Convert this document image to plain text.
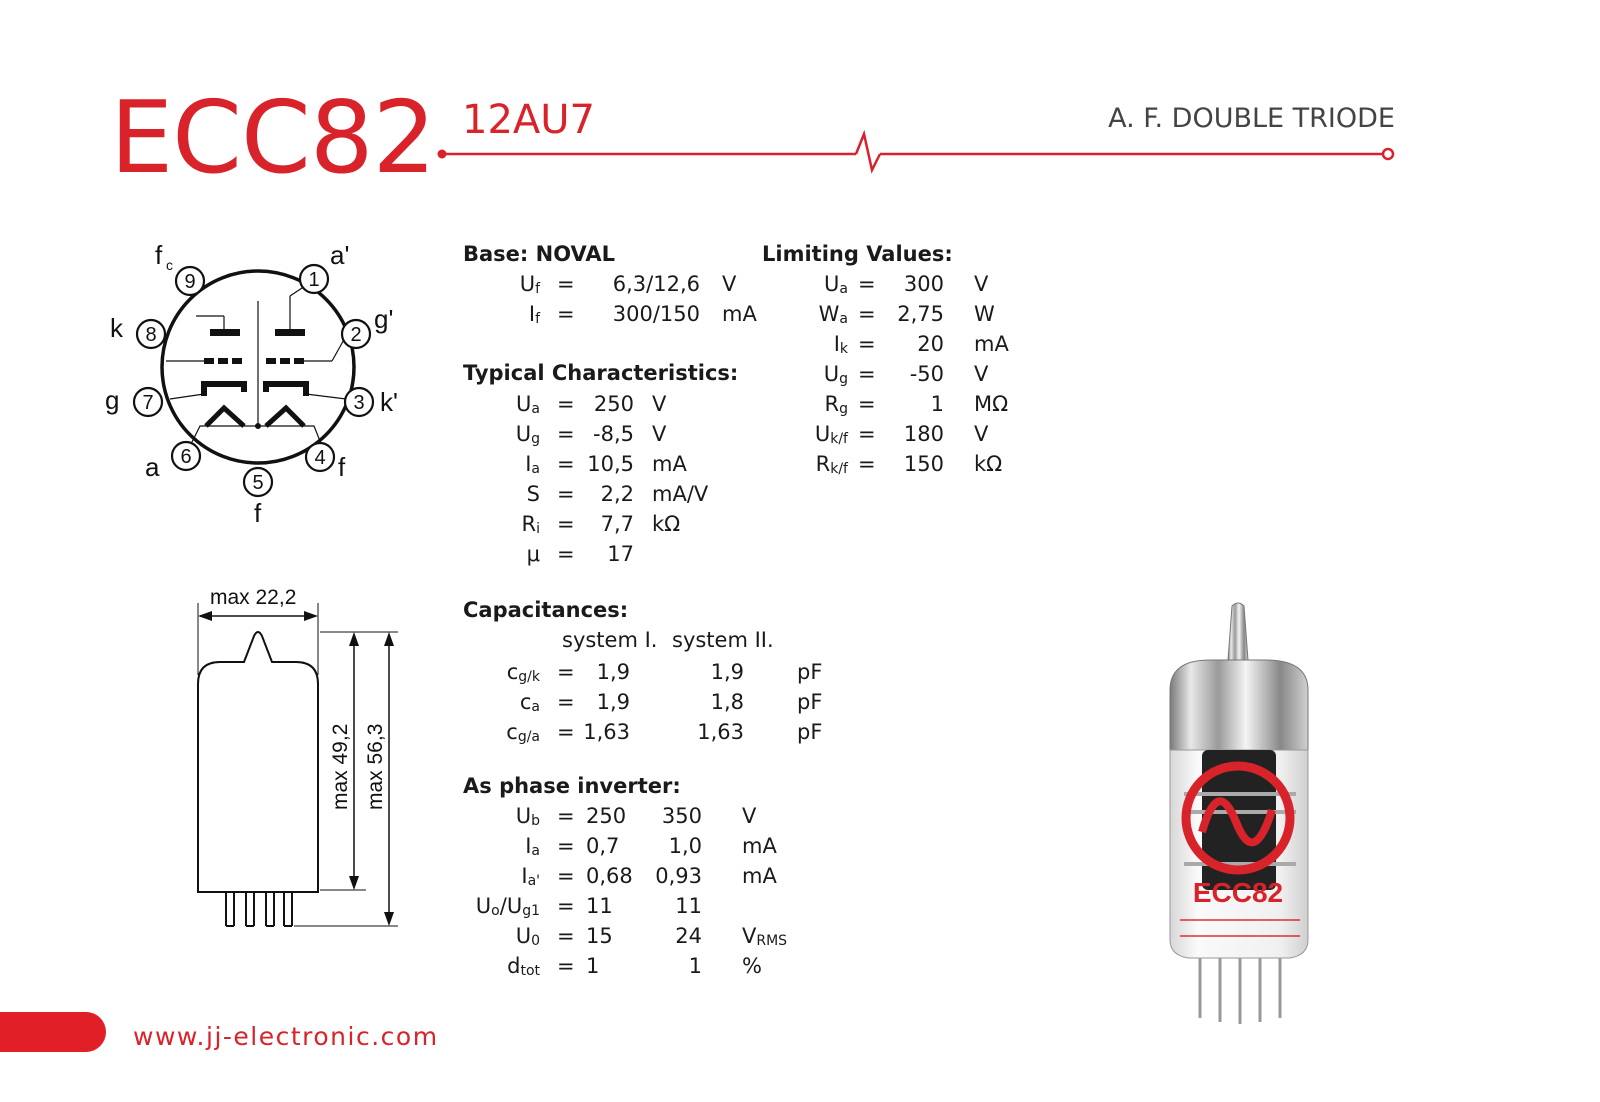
ECC82 12AU7	A. F. DOUBLE TRIODE
1
2
3
4
5
6
7
8
9
a'
g'
k'
f
f
a
g
k
f c
max 22,2
max 49,2 max 56,3
Base: NOVAL
$U_f = 6,3/12,6$ V
$I_f = 300/150$ mA
Typical Characteristics:
$U_a = 250$ V
$U_g = -8,5$ V
$I_a = 10,5$ mA
S = 2,2 mA/V
$R_i = 7,7$ kΩ
μ = 17
Limiting Values:
$U_a = 300$ V
$W_a = 2,75$ W
$I_k = 20$ mA
$U_g = -50$ V
$R_g$ =	1 MΩ
$U_{k/f} = 180$ V
$R_{k/f} = 150$ kΩ
Capacitances:
system I. system II.
$c_{g/k} = 1,9$	1,9	pF
$c_a = 1,9$	1,8	pF
$c_{g/a} = 1,63$	1,63	pF
As phase inverter:
$U_b = 250$ 350 V
$I_a = 0,7$ 1,0 mA
$I_{a'} = 0,68$ 0,93 mA
$U_o/U_{g1} = 11$	11
$U_0 = 15$	24 $V_{RMS}$
$d_{tot} = 1$	1 %
ECC82
www.jj-electronic.com
